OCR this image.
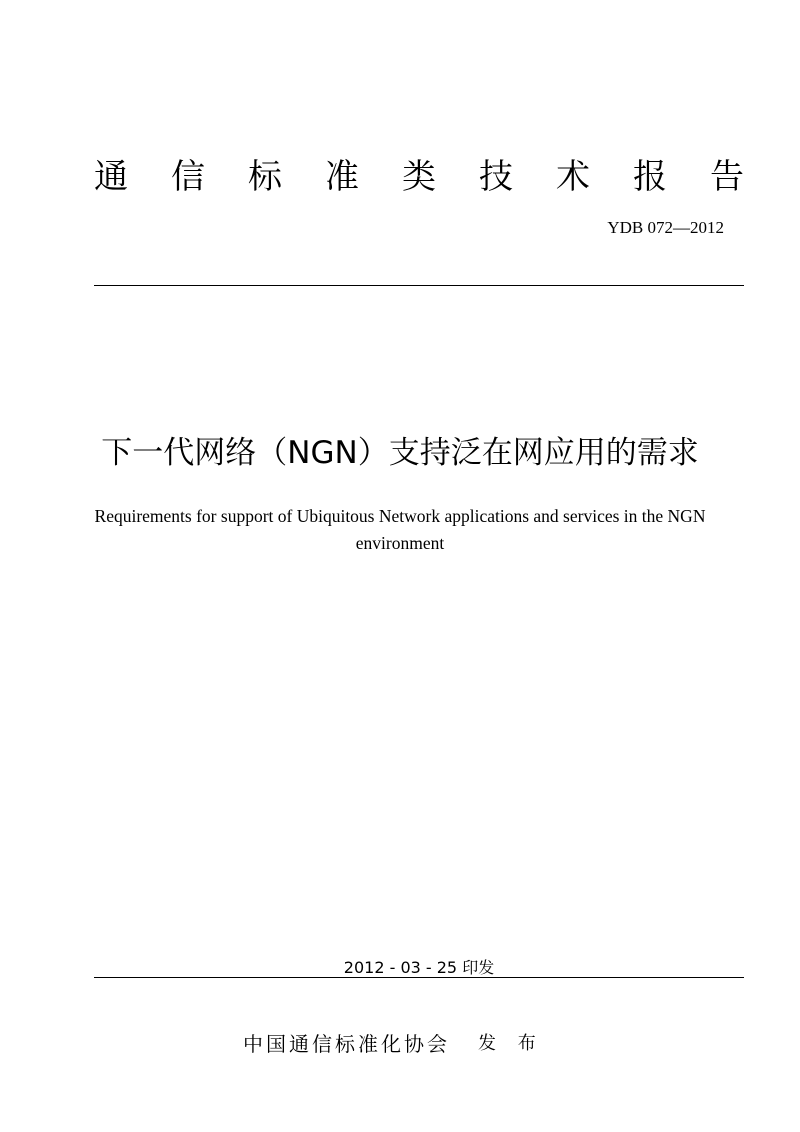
通 信 标 准 类 技 术 报 告
YDB 072—2012
下一代网络（NGN）支持泛在网应用的需求
Requirements for support of Ubiquitous Network applications and services in the NGN environment
2012 - 03 - 25 印发
中国通信标准化协会 发 布
